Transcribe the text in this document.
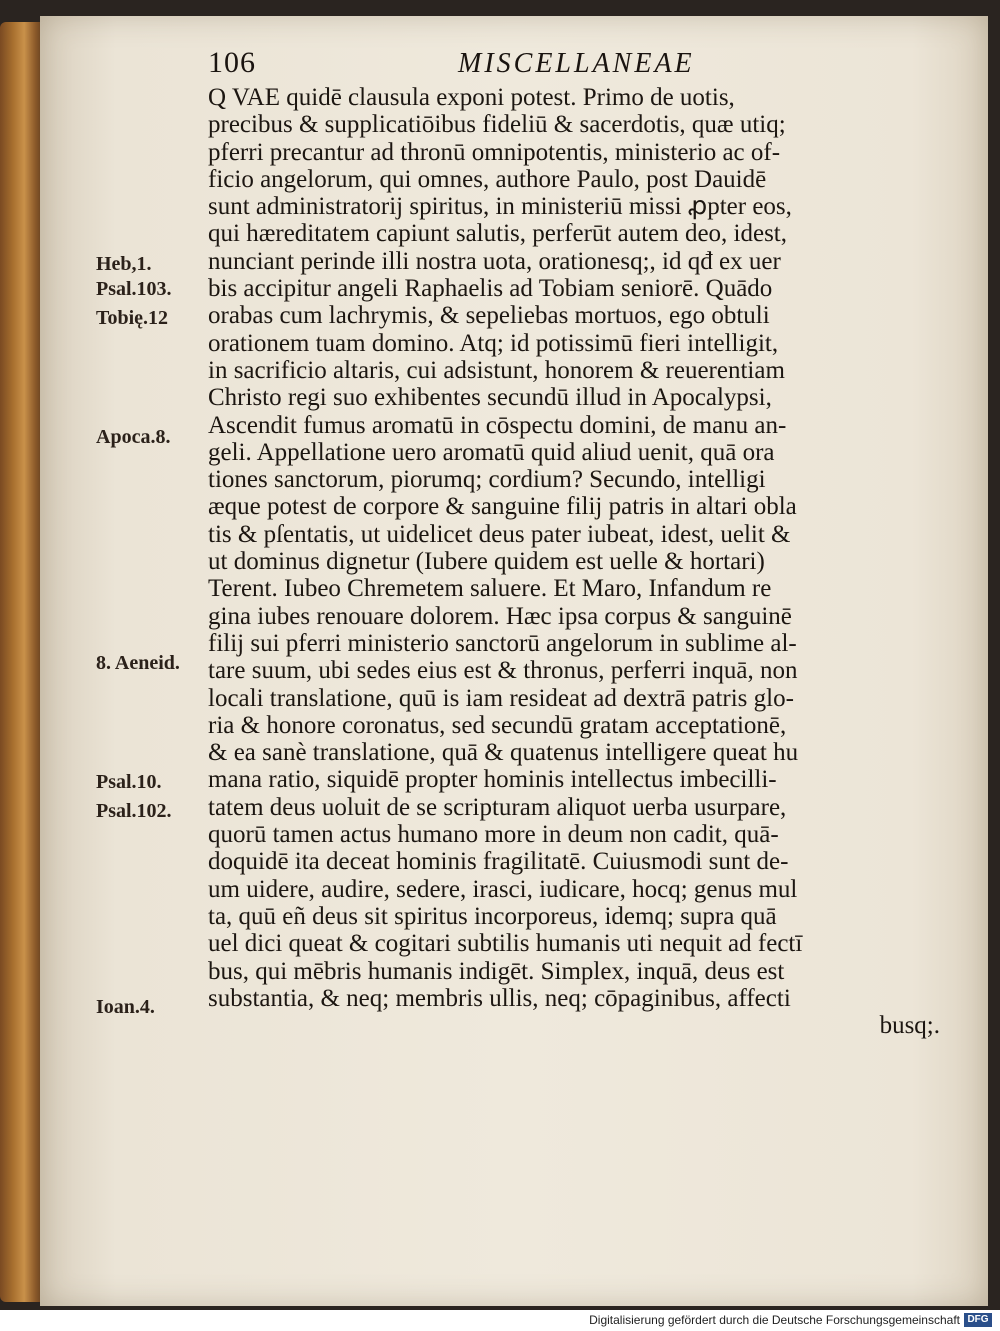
106	MISCELLANEAE
Heb,1.
Psal.103.
Tobię.12
Apoca.8.
8. Aeneid.
Psal.10.
Psal.102.
Ioan.4.
Q VAE quidē clausula exponi potest. Primo de uotis,
precibus & supplicatiōibus fideliū & sacerdotis, quæ utiq;
pferri precantur ad thronū omnipotentis, ministerio ac of-
ficio angelorum, qui omnes, authore Paulo, post Dauidē
sunt administratorij spiritus, in ministeriū missi ꝓpter eos,
qui hæreditatem capiunt salutis, perferūt autem deo, idest,
nunciant perinde illi nostra uota, orationesq;, id qđ ex uer
bis accipitur angeli Raphaelis ad Tobiam seniorē. Quādo
orabas cum lachrymis, & sepeliebas mortuos, ego obtuli
orationem tuam domino. Atq; id potissimū fieri intelligit,
in sacrificio altaris, cui adsistunt, honorem & reuerentiam
Christo regi suo exhibentes secundū illud in Apocalypsi,
Ascendit fumus aromatū in cōspectu domini, de manu an-
geli. Appellatione uero aromatū quid aliud uenit, quā ora
tiones sanctorum, piorumq; cordium? Secundo, intelligi
æque potest de corpore & sanguine filij patris in altari obla
tis & pſentatis, ut uidelicet deus pater iubeat, idest, uelit &
ut dominus dignetur (Iubere quidem est uelle & hortari)
Terent. Iubeo Chremetem saluere. Et Maro, Infandum re
gina iubes renouare dolorem. Hæc ipsa corpus & sanguinē
filij sui pferri ministerio sanctorū angelorum in sublime al-
tare suum, ubi sedes eius est & thronus, perferri inquā, non
locali translatione, quū is iam resideat ad dextrā patris glo-
ria & honore coronatus, sed secundū gratam acceptationē,
& ea sanè translatione, quā & quatenus intelligere queat hu
mana ratio, siquidē propter hominis intellectus imbecilli-
tatem deus uoluit de se scripturam aliquot uerba usurpare,
quorū tamen actus humano more in deum non cadit, quā-
doquidē ita deceat hominis fragilitatē. Cuiusmodi sunt de-
um uidere, audire, sedere, irasci, iudicare, hocq; genus mul
ta, quū eñ deus sit spiritus incorporeus, idemq; supra quā
uel dici queat & cogitari subtilis humanis uti nequit ad fectī
bus, qui mēbris humanis indigēt. Simplex, inquā, deus est
substantia, & neq; membris ullis, neq; cōpaginibus, affecti
busq;.
Digitalisierung gefördert durch die Deutsche Forschungsgemeinschaft DFG
